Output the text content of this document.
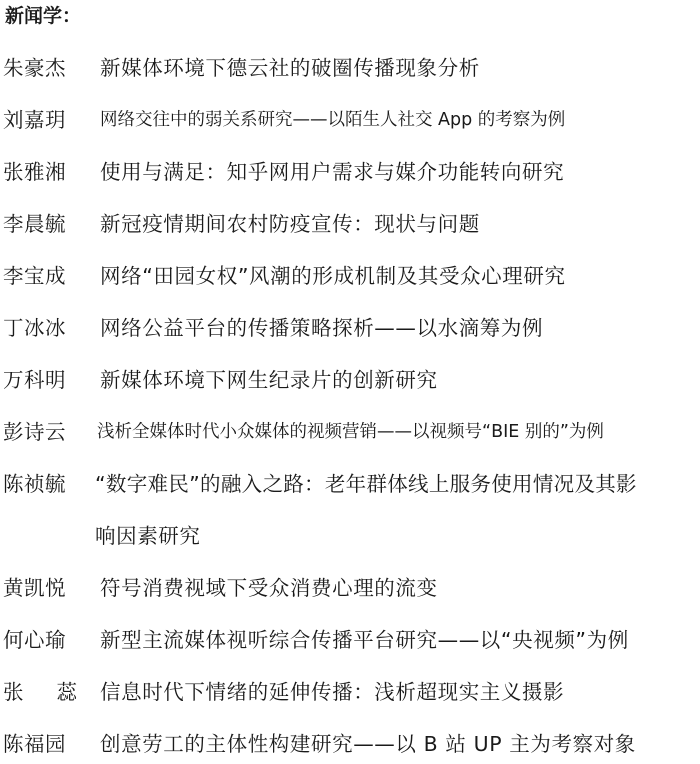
新闻学：
朱豪杰 新媒体环境下德云社的破圈传播现象分析
刘嘉玥 网络交往中的弱关系研究——以陌生人社交 App 的考察为例
张雅湘 使用与满足：知乎网用户需求与媒介功能转向研究
李晨毓 新冠疫情期间农村防疫宣传：现状与问题
李宝成 网络“田园女权”风潮的形成机制及其受众心理研究
丁冰冰 网络公益平台的传播策略探析——以水滴筹为例
万科明 新媒体环境下网生纪录片的创新研究
彭诗云 浅析全媒体时代小众媒体的视频营销——以视频号“BIE 别的”为例
陈祯毓 “数字难民”的融入之路：老年群体线上服务使用情况及其影
响因素研究
黄凯悦 符号消费视域下受众消费心理的流变
何心瑜 新型主流媒体视听综合传播平台研究——以“央视频”为例
张 蕊 信息时代下情绪的延伸传播：浅析超现实主义摄影
陈福园 创意劳工的主体性构建研究——以 B 站 UP 主为考察对象
